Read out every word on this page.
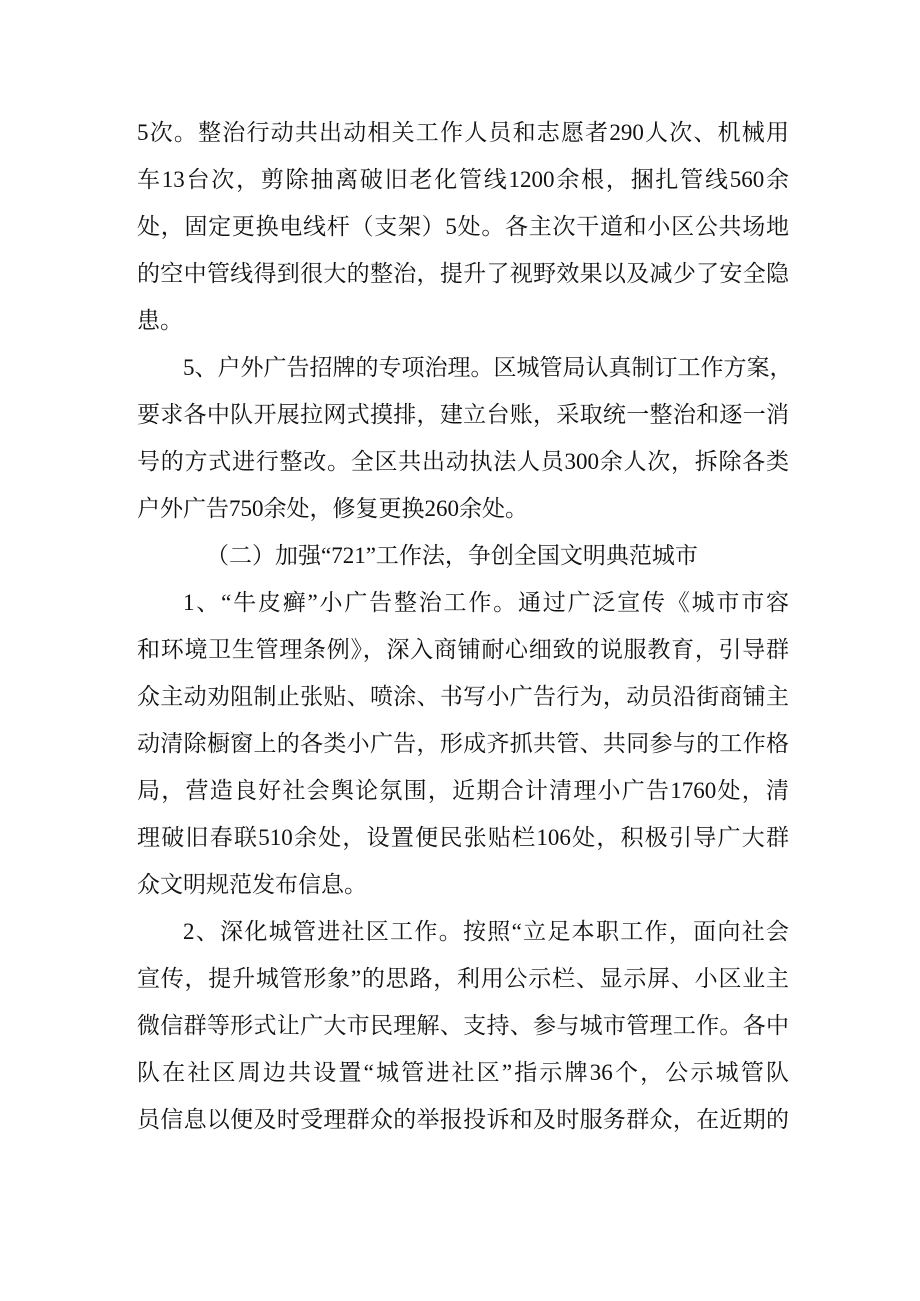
5次。整治行动共出动相关工作人员和志愿者290人次、机械用
车13台次，剪除抽离破旧老化管线1200余根，捆扎管线560余
处，固定更换电线杆（支架）5处。各主次干道和小区公共场地
的空中管线得到很大的整治，提升了视野效果以及减少了安全隐
患。
5、户外广告招牌的专项治理。区城管局认真制订工作方案，
要求各中队开展拉网式摸排，建立台账，采取统一整治和逐一消
号的方式进行整改。全区共出动执法人员300余人次，拆除各类
户外广告750余处，修复更换260余处。
（二）加强“721”工作法，争创全国文明典范城市
1、“牛皮癣”小广告整治工作。通过广泛宣传《城市市容
和环境卫生管理条例》，深入商铺耐心细致的说服教育，引导群
众主动劝阻制止张贴、喷涂、书写小广告行为，动员沿街商铺主
动清除橱窗上的各类小广告，形成齐抓共管、共同参与的工作格
局，营造良好社会舆论氛围，近期合计清理小广告1760处，清
理破旧春联510余处，设置便民张贴栏106处，积极引导广大群
众文明规范发布信息。
2、深化城管进社区工作。按照“立足本职工作，面向社会
宣传，提升城管形象”的思路，利用公示栏、显示屏、小区业主
微信群等形式让广大市民理解、支持、参与城市管理工作。各中
队在社区周边共设置“城管进社区”指示牌36个，公示城管队
员信息以便及时受理群众的举报投诉和及时服务群众，在近期的
